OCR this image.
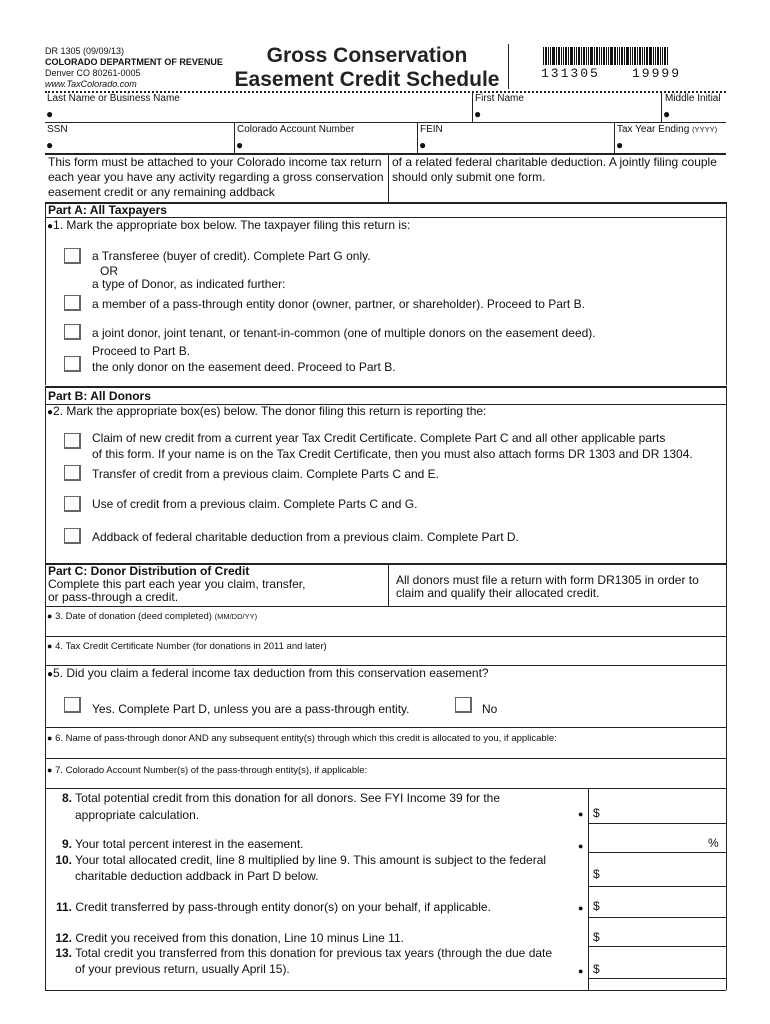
DR 1305 (09/09/13)
COLORADO DEPARTMENT OF REVENUE
Denver CO 80261-0005
www.TaxColorado.com
Gross Conservation
Easement Credit Schedule	131305 19999
Last Name or Business Name	First Name	Middle Initial
●	●	●
SSN	Colorado Account Number	FEIN	Tax Year Ending (YYYY)
●	●	●	●
This form must be attached to your Colorado income tax return
each year you have any activity regarding a gross conservation
easement credit or any remaining addback
of a related federal charitable deduction. A jointly filing couple
should only submit one form.
Part A: All Taxpayers
●1. Mark the appropriate box below. The taxpayer filing this return is:
a Transferee (buyer of credit). Complete Part G only.
OR
a type of Donor, as indicated further:
a member of a pass-through entity donor (owner, partner, or shareholder). Proceed to Part B.
a joint donor, joint tenant, or tenant-in-common (one of multiple donors on the easement deed).
Proceed to Part B.
the only donor on the easement deed. Proceed to Part B.
Part B: All Donors
●2. Mark the appropriate box(es) below. The donor filing this return is reporting the:
Claim of new credit from a current year Tax Credit Certificate. Complete Part C and all other applicable parts
of this form. If your name is on the Tax Credit Certificate, then you must also attach forms DR 1303 and DR 1304.
Transfer of credit from a previous claim. Complete Parts C and E.
Use of credit from a previous claim. Complete Parts C and G.
Addback of federal charitable deduction from a previous claim. Complete Part D.
Part C: Donor Distribution of Credit
Complete this part each year you claim, transfer,
or pass-through a credit.
All donors must file a return with form DR1305 in order to
claim and qualify their allocated credit.
● 3. Date of donation (deed completed) (MM/DD/YY)
● 4. Tax Credit Certificate Number (for donations in 2011 and later)
●5. Did you claim a federal income tax deduction from this conservation easement?
Yes. Complete Part D, unless you are a pass-through entity.	No
● 6. Name of pass-through donor AND any subsequent entity(s) through which this credit is allocated to you, if applicable:
● 7. Colorado Account Number(s) of the pass-through entity(s), if applicable:
8. Total potential credit from this donation for all donors. See FYI Income 39 for the
appropriate calculation.	● $
9. Your total percent interest in the easement.	●	%
10. Your total allocated credit, line 8 multiplied by line 9. This amount is subject to the federal
charitable deduction addback in Part D below.	$
11. Credit transferred by pass-through entity donor(s) on your behalf, if applicable.	● $
12. Credit you received from this donation, Line 10 minus Line 11.	$
13. Total credit you transferred from this donation for previous tax years (through the due date
of your previous return, usually April 15).	● $
